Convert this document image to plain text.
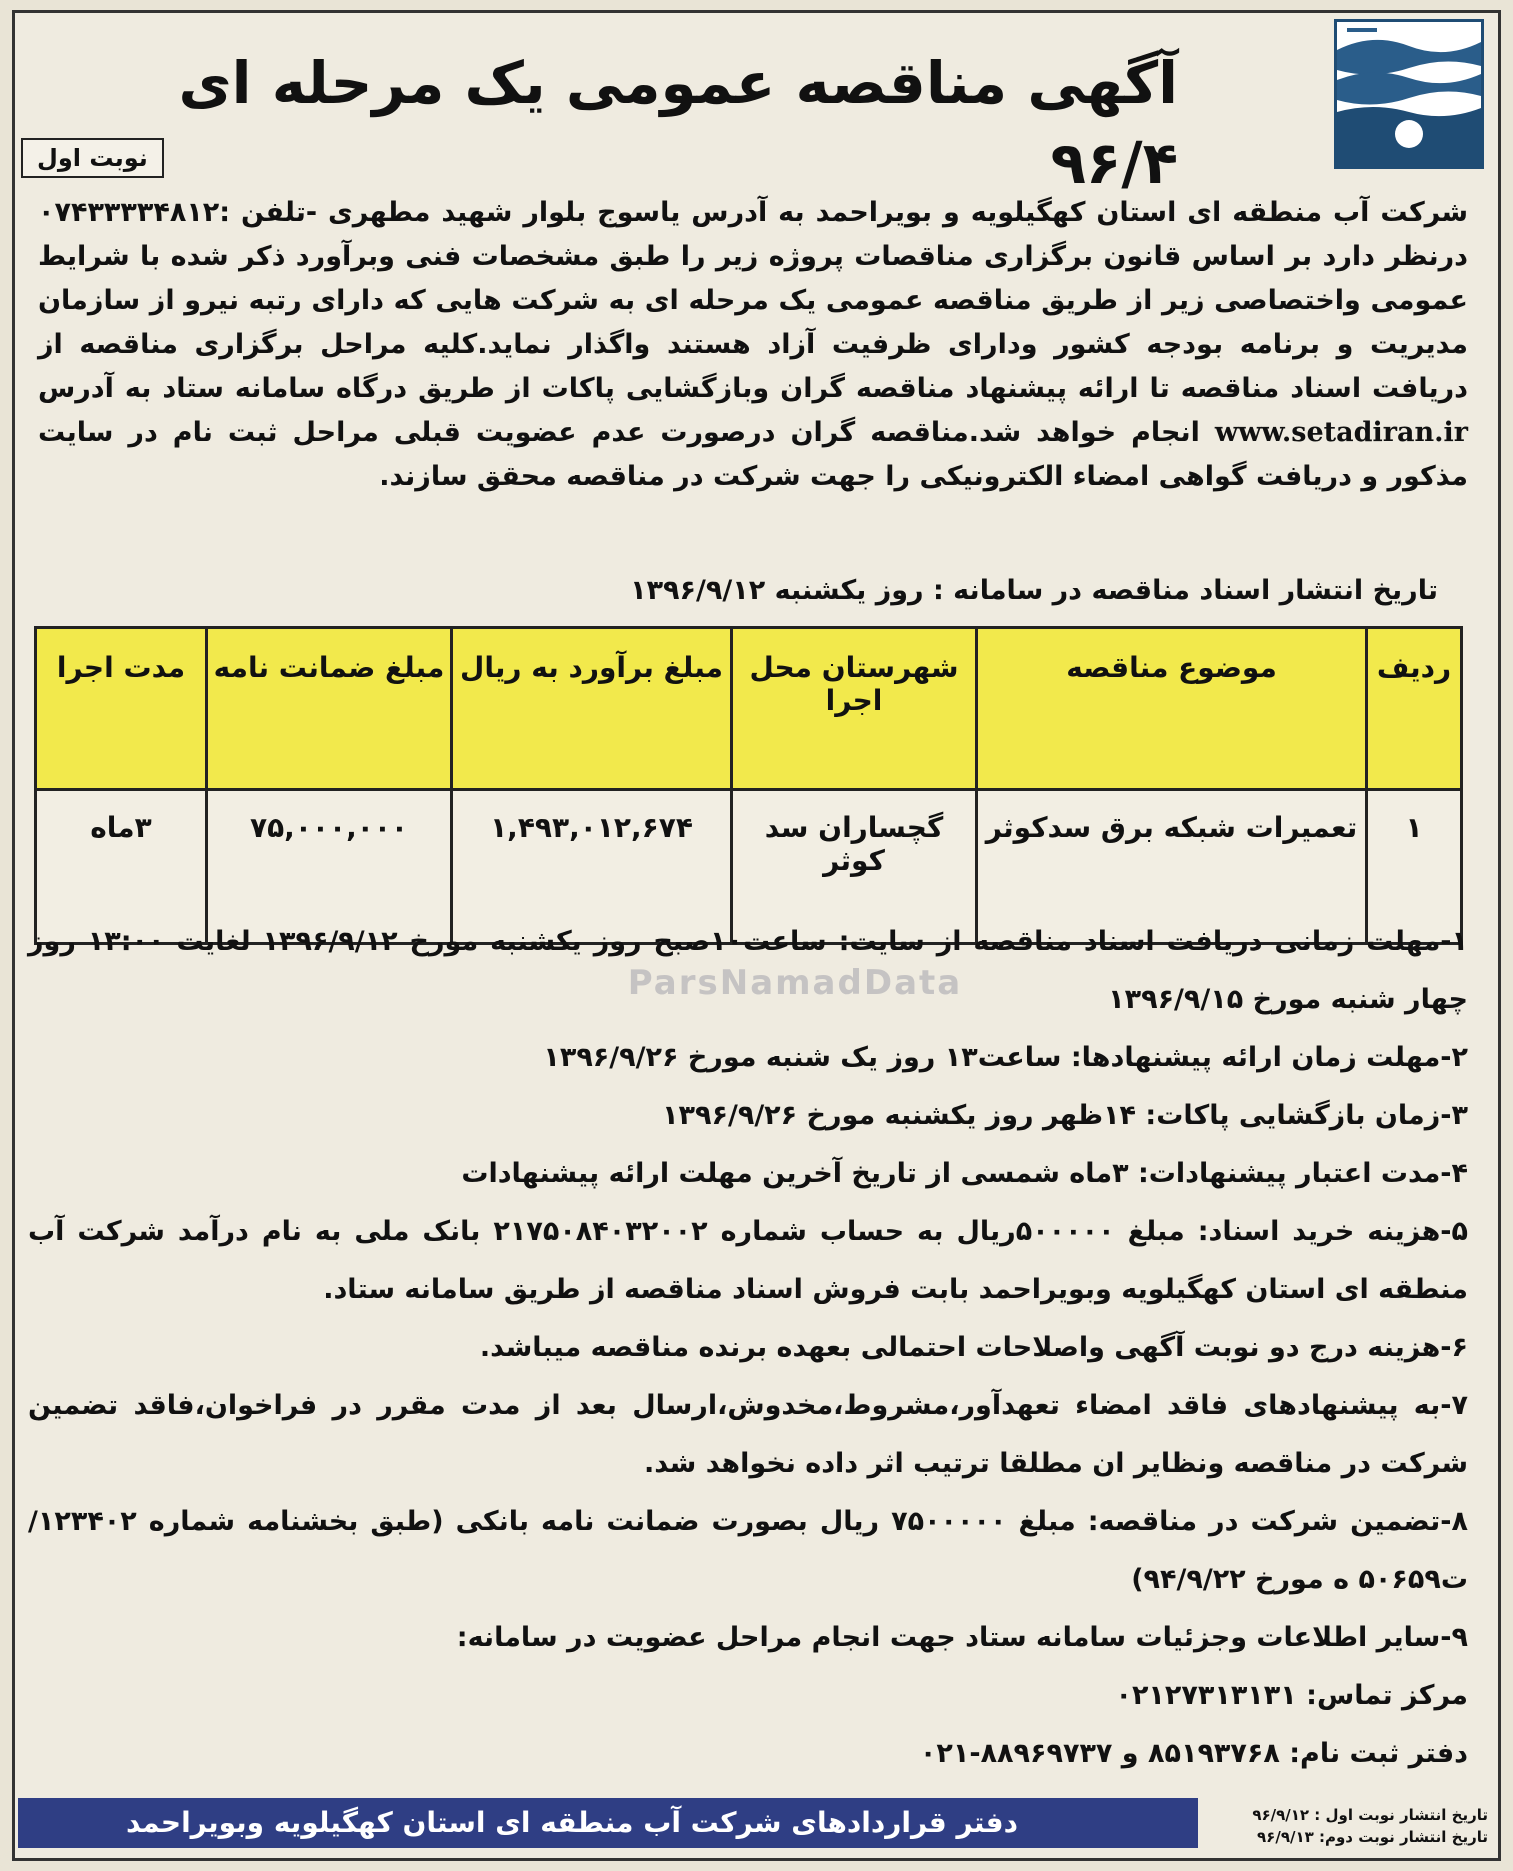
آگهی مناقصه عمومی یک مرحله ای ۹۶/۴
نوبت اول
شرکت آب منطقه ای استان کهگیلویه و بویراحمد به آدرس یاسوج بلوار شهید مطهری -تلفن :۰۷۴۳۳۳۳۴۸۱۲ درنظر دارد بر اساس قانون برگزاری مناقصات پروژه زیر را طبق مشخصات فنی وبرآورد ذکر شده با شرایط عمومی واختصاصی زیر از طریق مناقصه عمومی یک مرحله ای به شرکت هایی که دارای رتبه نیرو از سازمان مدیریت و برنامه بودجه کشور ودارای ظرفیت آزاد هستند واگذار نماید.کلیه مراحل برگزاری مناقصه از دریافت اسناد مناقصه تا ارائه پیشنهاد مناقصه گران وبازگشایی پاکات از طریق درگاه سامانه ستاد به آدرس www.setadiran.ir انجام خواهد شد.مناقصه گران درصورت عدم عضویت قبلی مراحل ثبت نام در سایت مذکور و دریافت گواهی امضاء الکترونیکی را جهت شرکت در مناقصه محقق سازند.
تاریخ انتشار اسناد مناقصه در سامانه : روز یکشنبه ۱۳۹۶/۹/۱۲
ردیف	موضوع مناقصه	شهرستان محل اجرا	مبلغ برآورد به ریال	مبلغ ضمانت نامه	مدت اجرا
۱	تعمیرات شبکه برق سدکوثر	گچساران سد کوثر	۱,۴۹۳,۰۱۲,۶۷۴	۷۵,۰۰۰,۰۰۰	۳ماه
ParsNamadData
۱-مهلت زمانی دریافت اسناد مناقصه از سایت: ساعت۱۰صبح روز یکشنبه مورخ ۱۳۹۶/۹/۱۲ لغایت ۱۳:۰۰ روز چهار شنبه مورخ ۱۳۹۶/۹/۱۵
۲-مهلت زمان ارائه پیشنهادها: ساعت۱۳ روز یک شنبه مورخ ۱۳۹۶/۹/۲۶
۳-زمان بازگشایی پاکات: ۱۴ظهر روز یکشنبه مورخ ۱۳۹۶/۹/۲۶
۴-مدت اعتبار پیشنهادات: ۳ماه شمسی از تاریخ آخرین مهلت ارائه پیشنهادات
۵-هزینه خرید اسناد: مبلغ ۵۰۰۰۰۰ریال به حساب شماره ۲۱۷۵۰۸۴۰۳۲۰۰۲ بانک ملی به نام درآمد شرکت آب منطقه ای استان کهگیلویه وبویراحمد بابت فروش اسناد مناقصه از طریق سامانه ستاد.
۶-هزینه درج دو نوبت آگهی واصلاحات احتمالی بعهده برنده مناقصه میباشد.
۷-به پیشنهادهای فاقد امضاء تعهدآور،مشروط،مخدوش،ارسال بعد از مدت مقرر در فراخوان،فاقد تضمین شرکت در مناقصه ونظایر ان مطلقا ترتیب اثر داده نخواهد شد.
۸-تضمین شرکت در مناقصه: مبلغ ۷۵۰۰۰۰۰ ریال بصورت ضمانت نامه بانکی (طبق بخشنامه شماره ۱۲۳۴۰۲/ت۵۰۶۵۹ ه مورخ ۹۴/۹/۲۲)
۹-سایر اطلاعات وجزئیات سامانه ستاد جهت انجام مراحل عضویت در سامانه:
مرکز تماس: ۰۲۱۲۷۳۱۳۱۳۱
دفتر ثبت نام: ۸۵۱۹۳۷۶۸ و ۸۸۹۶۹۷۳۷-۰۲۱
دفتر قراردادهای شرکت آب منطقه ای استان کهگیلویه وبویراحمد	تاریخ انتشار نوبت اول : ۹۶/۹/۱۲
تاریخ انتشار نوبت دوم: ۹۶/۹/۱۳
